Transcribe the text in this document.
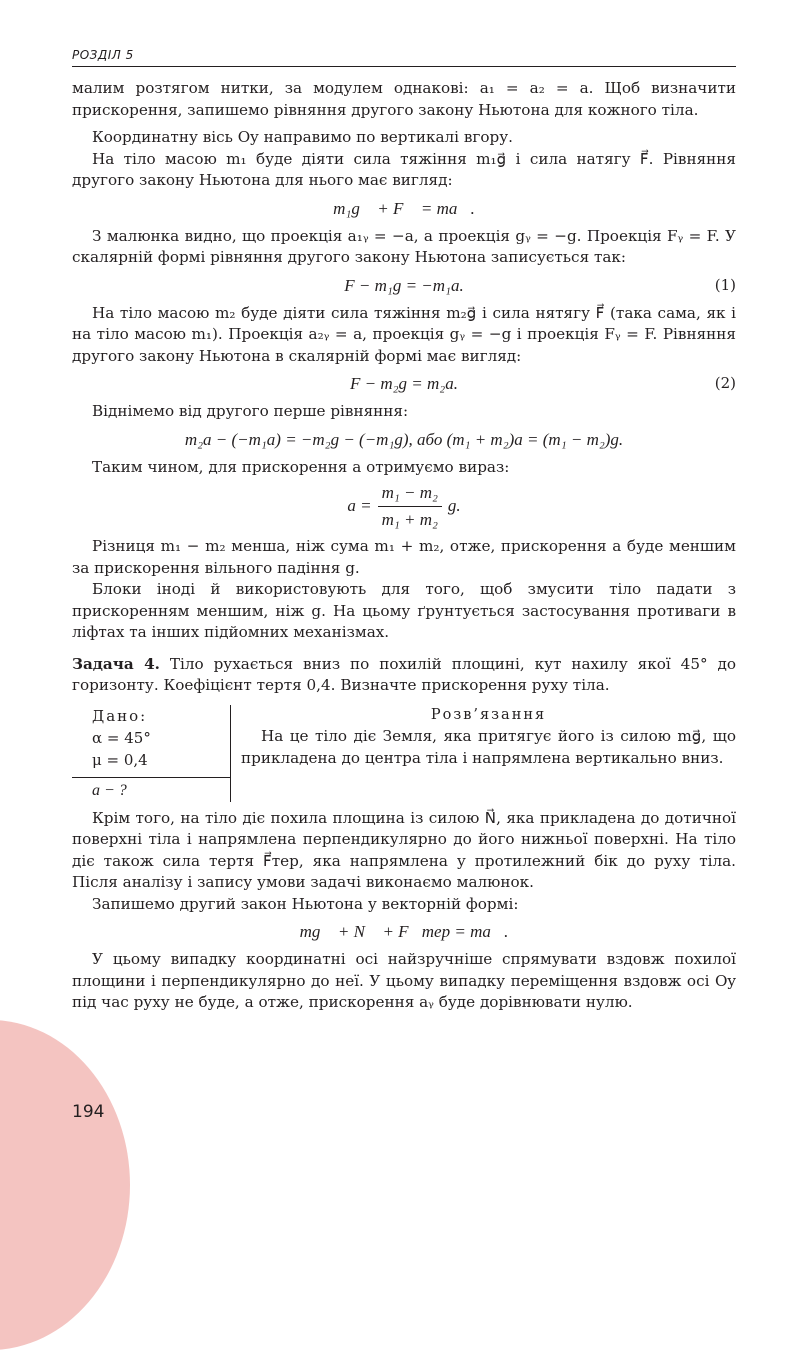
РОЗДІЛ 5

малим розтягом нитки, за модулем однакові: a₁ = a₂ = a. Щоб визначити прискорення, запишемо рівняння другого закону Ньютона для кожного тіла.

Координатну вісь Oy направимо по вертикалі вгору.

На тіло масою m₁ буде діяти сила тяжіння m₁g⃗ і сила натягу F⃗. Рівняння другого закону Ньютона для нього має вигляд:

m₁g⃗ + F⃗ = ma⃗.

З малюнка видно, що проекція a₁ᵧ = −a, а проекція gᵧ = −g. Проекція Fᵧ = F. У скалярній формі рівняння другого закону Ньютона записується так:

F − m₁g = −m₁a.	(1)

На тіло масою m₂ буде діяти сила тяжіння m₂g⃗ і сила нятягу F⃗ (така сама, як і на тіло масою m₁). Проекція a₂ᵧ = a, проекція gᵧ = −g і проекція Fᵧ = F. Рівняння другого закону Ньютона в скалярній формі має вигляд:

F − m₂g = m₂a.	(2)

Віднімемо від другого перше рівняння:

m₂a − (−m₁a) = −m₂g − (−m₁g), або (m₁ + m₂)a = (m₁ − m₂)g.

Таким чином, для прискорення a отримуємо вираз:

$a = \frac{\text{m₁ − m₂}}{\text{m₁ + m₂}} g$.

Різниця m₁ − m₂ менша, ніж сума m₁ + m₂, отже, прискорення a буде меншим за прискорення вільного падіння g.

Блоки іноді й використовують для того, щоб змусити тіло падати з прискоренням меншим, ніж g. На цьому ґрунтується застосування противаги в ліфтах та інших підйомних механізмах.

Задача 4. Тіло рухається вниз по похилій площині, кут нахилу якої 45° до горизонту. Коефіцієнт тертя 0,4. Визначте прискорення руху тіла.

Дано:
α = 45°
μ = 0,4
a − ?
Розв’язання

На це тіло діє Земля, яка притягує його із силою mg⃗, що прикладена до центра тіла і напрямлена вертикально вниз.

Крім того, на тіло діє похила площина із силою N⃗, яка прикладена до дотичної поверхні тіла і напрямлена перпендикулярно до його нижньої поверхні. На тіло діє також сила тертя F⃗тер, яка напрямлена у протилежний бік до руху тіла. Після аналізу і запису умови задачі виконаємо малюнок.

Запишемо другий закон Ньютона у векторній формі:

mg⃗ + N⃗ + F⃗тер = ma⃗.

У цьому випадку координатні осі найзручніше спрямувати вздовж похилої площини і перпендикулярно до неї. У цьому випадку переміщення вздовж осі Oy під час руху не буде, а отже, прискорення aᵧ буде дорівнювати нулю.

194
